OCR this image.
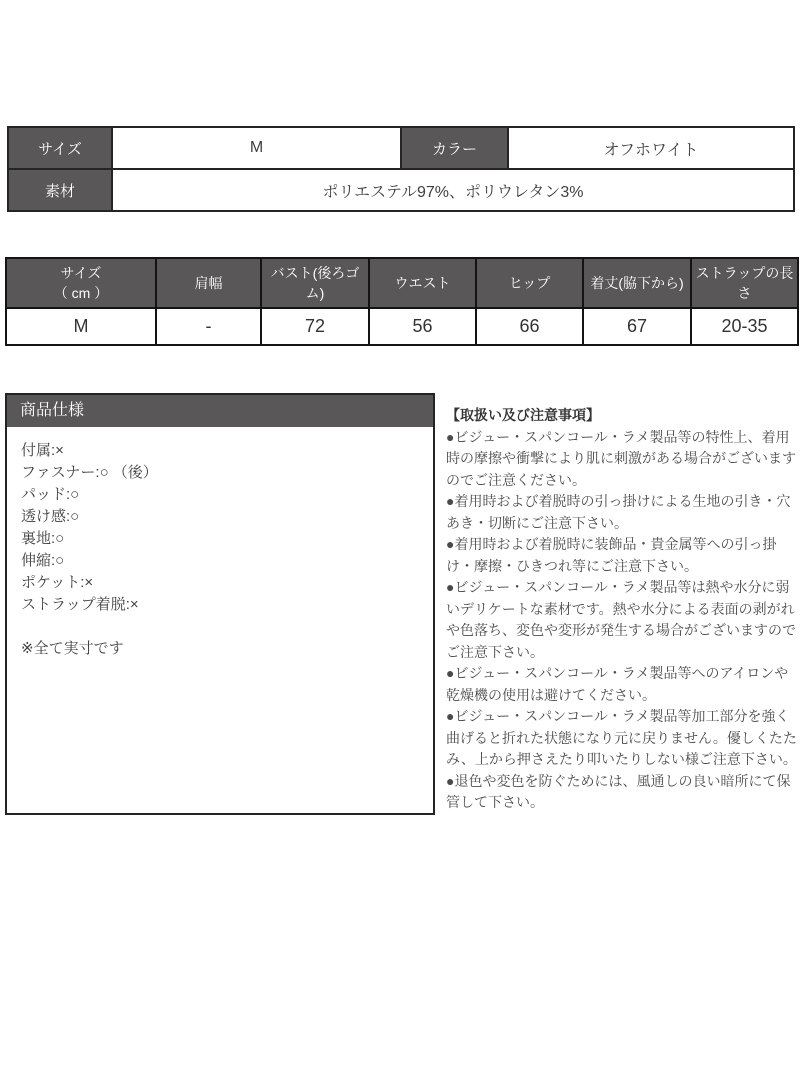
サイズ	M	カラー	オフホワイト
素材	ポリエステル97%、ポリウレタン3%		
サイズ
（ cm ）	肩幅	バスト(後ろゴム)	ウエスト	ヒップ	着丈(脇下から)	ストラップの長さ
M	-	72	56	66	67	20-35
商品仕様

付属:×

ファスナー:○ （後）

パッド:○

透け感:○

裏地:○

伸縮:○

ポケット:×

ストラップ着脱:×

※全て実寸です

【取扱い及び注意事項】

●ビジュー・スパンコール・ラメ製品等の特性上、着用時の摩擦や衝撃により肌に刺激がある場合がございますのでご注意ください。

●着用時および着脱時の引っ掛けによる生地の引き・穴あき・切断にご注意下さい。

●着用時および着脱時に装飾品・貴金属等への引っ掛け・摩擦・ひきつれ等にご注意下さい。

●ビジュー・スパンコール・ラメ製品等は熱や水分に弱いデリケートな素材です。熱や水分による表面の剥がれや色落ち、変色や変形が発生する場合がございますのでご注意下さい。

●ビジュー・スパンコール・ラメ製品等へのアイロンや乾燥機の使用は避けてください。

●ビジュー・スパンコール・ラメ製品等加工部分を強く曲げると折れた状態になり元に戻りません。優しくたたみ、上から押さえたり叩いたりしない様ご注意下さい。

●退色や変色を防ぐためには、風通しの良い暗所にて保管して下さい。
